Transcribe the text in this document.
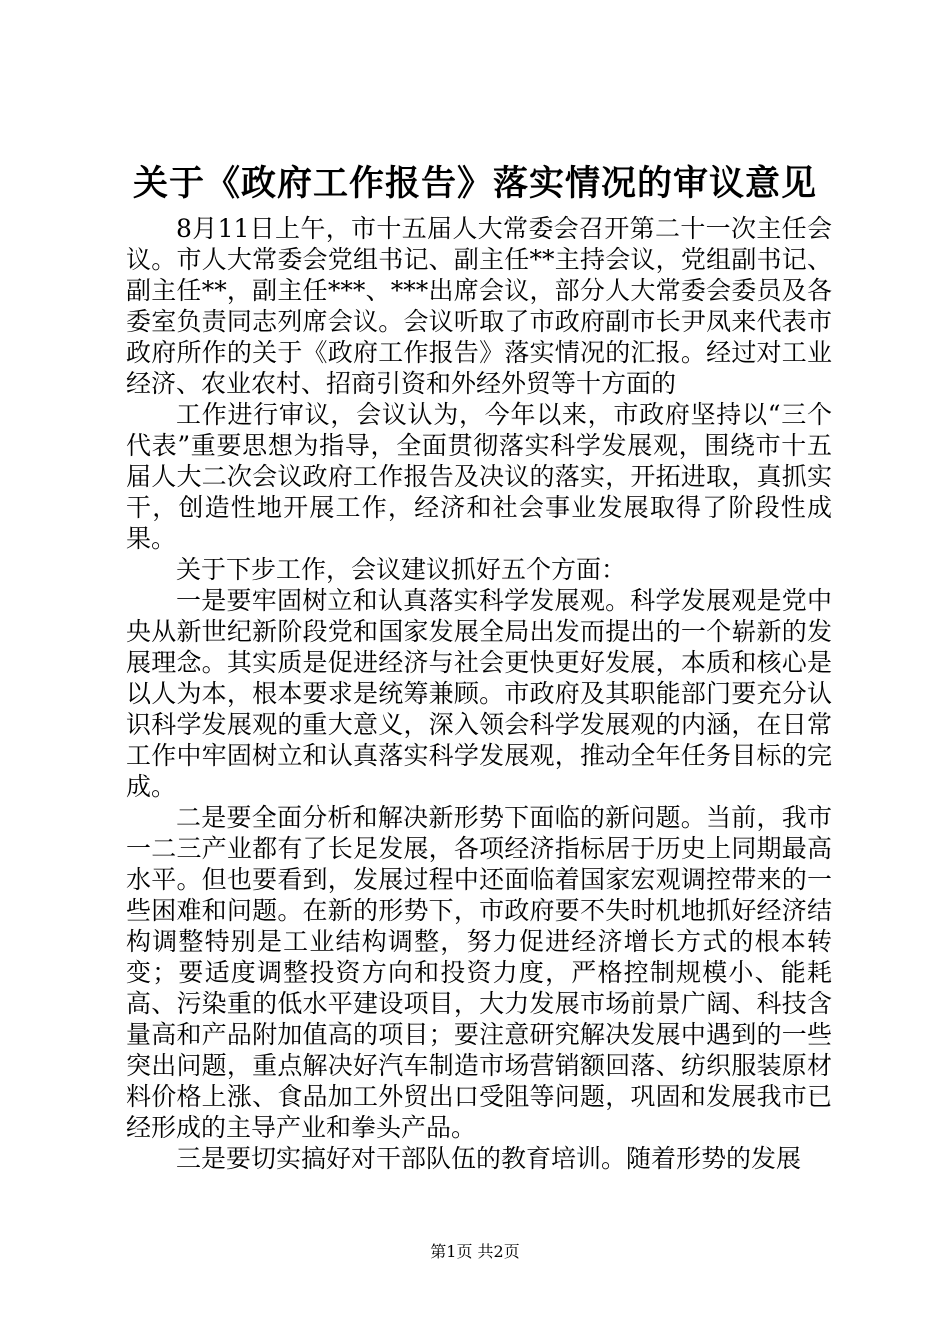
关于《政府工作报告》落实情况的审议意见

8月11日上午，市十五届人大常委会召开第二十一次主任会议。市人大常委会党组书记、副主任**主持会议，党组副书记、副主任**，副主任***、***出席会议，部分人大常委会委员及各委室负责同志列席会议。会议听取了市政府副市长尹凤来代表市政府所作的关于《政府工作报告》落实情况的汇报。经过对工业经济、农业农村、招商引资和外经外贸等十方面的

工作进行审议，会议认为，今年以来，市政府坚持以“三个代表”重要思想为指导，全面贯彻落实科学发展观，围绕市十五届人大二次会议政府工作报告及决议的落实，开拓进取，真抓实干，创造性地开展工作，经济和社会事业发展取得了阶段性成果。

关于下步工作，会议建议抓好五个方面：

一是要牢固树立和认真落实科学发展观。科学发展观是党中央从新世纪新阶段党和国家发展全局出发而提出的一个崭新的发展理念。其实质是促进经济与社会更快更好发展，本质和核心是以人为本，根本要求是统筹兼顾。市政府及其职能部门要充分认识科学发展观的重大意义，深入领会科学发展观的内涵，在日常工作中牢固树立和认真落实科学发展观，推动全年任务目标的完成。

二是要全面分析和解决新形势下面临的新问题。当前，我市一二三产业都有了长足发展，各项经济指标居于历史上同期最高水平。但也要看到，发展过程中还面临着国家宏观调控带来的一些困难和问题。在新的形势下，市政府要不失时机地抓好经济结构调整特别是工业结构调整，努力促进经济增长方式的根本转变；要适度调整投资方向和投资力度，严格控制规模小、能耗高、污染重的低水平建设项目，大力发展市场前景广阔、科技含量高和产品附加值高的项目；要注意研究解决发展中遇到的一些突出问题，重点解决好汽车制造市场营销额回落、纺织服装原材料价格上涨、食品加工外贸出口受阻等问题，巩固和发展我市已经形成的主导产业和拳头产品。

三是要切实搞好对干部队伍的教育培训。随着形势的发展

第1页 共2页
